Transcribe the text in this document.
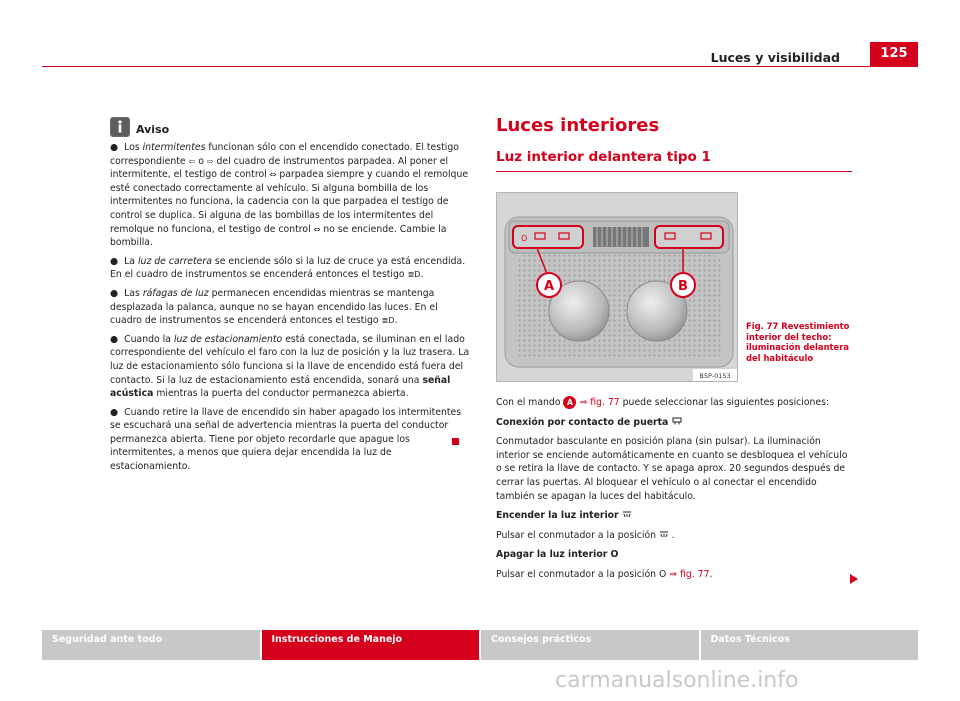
Luces y visibilidad	125
Aviso

● Los intermitentes funcionan sólo con el encendido conectado. El testigo correspondiente ⇦ o ⇨ del cuadro de instrumentos parpadea. Al poner el intermitente, el testigo de control ⇔ parpadea siempre y cuando el remolque esté conectado correctamente al vehículo. Si alguna bombilla de los intermitentes no funciona, la cadencia con la que parpadea el testigo de control se duplica. Si alguna de las bombillas de los intermitentes del remolque no funciona, el testigo de control ⇔ no se enciende. Cambie la bombilla.

● La luz de carretera se enciende sólo si la luz de cruce ya está encendida. En el cuadro de instrumentos se encenderá entonces el testigo ≣D.

● Las ráfagas de luz permanecen encendidas mientras se mantenga desplazada la palanca, aunque no se hayan encendido las luces. En el cuadro de instrumentos se encenderá entonces el testigo ≣D.

● Cuando la luz de estacionamiento está conectada, se iluminan en el lado correspondiente del vehículo el faro con la luz de posición y la luz trasera. La luz de estacionamiento sólo funciona si la llave de encendido está fuera del contacto. Si la luz de estacionamiento está encendida, sonará una señal acústica mientras la puerta del conductor permanezca abierta.

● Cuando retire la llave de encendido sin haber apagado los intermitentes se escuchará una señal de advertencia mientras la puerta del conductor permanezca abierta. Tiene por objeto recordarle que apague los intermitentes, a menos que quiera dejar encendida la luz de estacionamiento.

Luces interiores
Luz interior delantera tipo 1
O
A	B
B5P-0153
Fig. 77 Revestimiento interior del techo: iluminación delantera del habitáculo

Con el mando A ⇒ fig. 77 puede seleccionar las siguientes posiciones:

Conexión por contacto de puerta

Conmutador basculante en posición plana (sin pulsar). La iluminación interior se enciende automáticamente en cuanto se desbloquea el vehículo o se retira la llave de contacto. Y se apaga aprox. 20 segundos después de cerrar las puertas. Al bloquear el vehículo o al conectar el encendido también se apagan la luces del habitáculo.

Encender la luz interior

Pulsar el conmutador a la posición .

Apagar la luz interior O

Pulsar el conmutador a la posición O ⇒ fig. 77.

Seguridad ante todo	Instrucciones de Manejo	Consejos prácticos	Datos Técnicos
carmanualsonline.info
